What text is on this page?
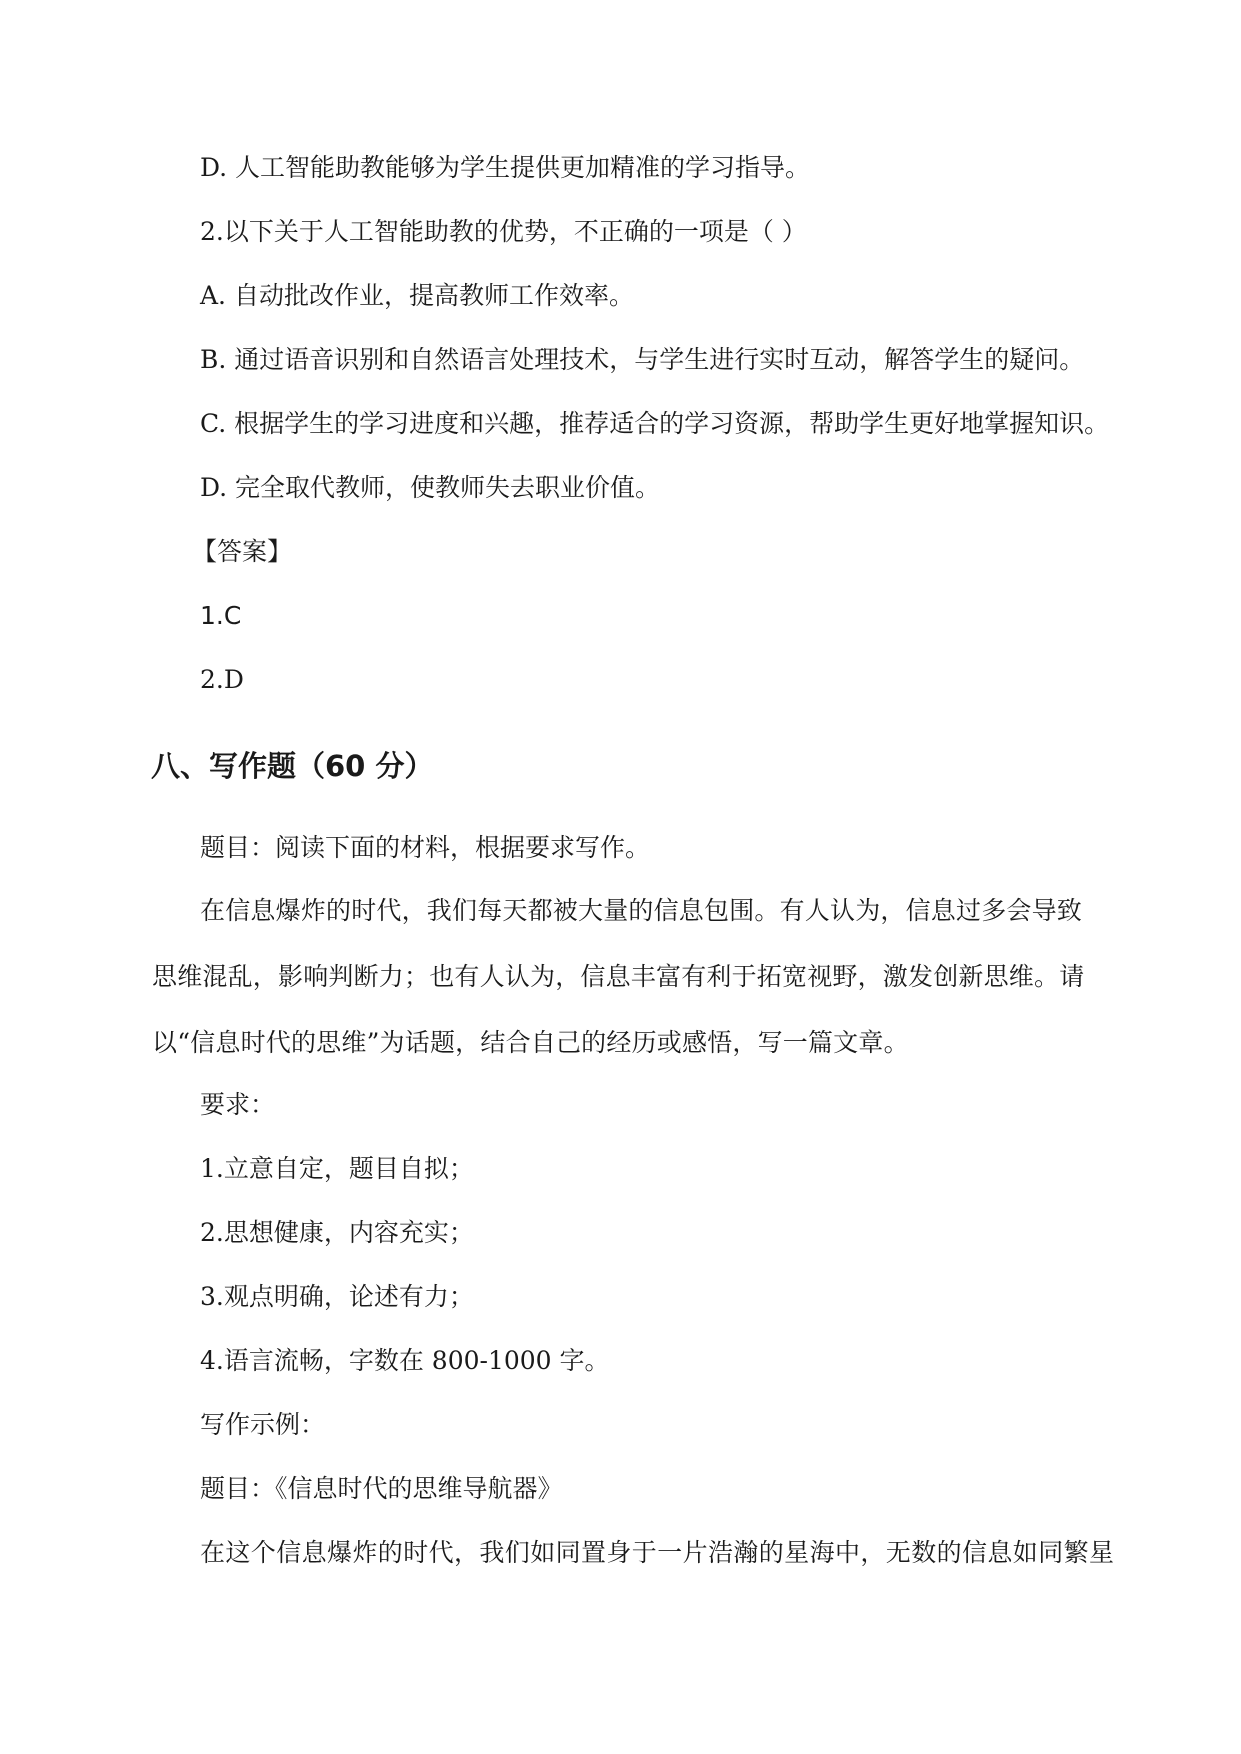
D. 人工智能助教能够为学生提供更加精准的学习指导。
2.以下关于人工智能助教的优势，不正确的一项是（ ）
A. 自动批改作业，提高教师工作效率。
B. 通过语音识别和自然语言处理技术，与学生进行实时互动，解答学生的疑问。
C. 根据学生的学习进度和兴趣，推荐适合的学习资源，帮助学生更好地掌握知识。
D. 完全取代教师，使教师失去职业价值。
【答案】
1.C
2.D
八、写作题（60 分）
题目：阅读下面的材料，根据要求写作。
在信息爆炸的时代，我们每天都被大量的信息包围。有人认为，信息过多会导致思维混乱，影响判断力；也有人认为，信息丰富有利于拓宽视野，激发创新思维。请以“信息时代的思维”为话题，结合自己的经历或感悟，写一篇文章。
要求：
1.立意自定，题目自拟；
2.思想健康，内容充实；
3.观点明确，论述有力；
4.语言流畅，字数在 800-1000 字。
写作示例：
题目：《信息时代的思维导航器》
在这个信息爆炸的时代，我们如同置身于一片浩瀚的星海中，无数的信息如同繁星
